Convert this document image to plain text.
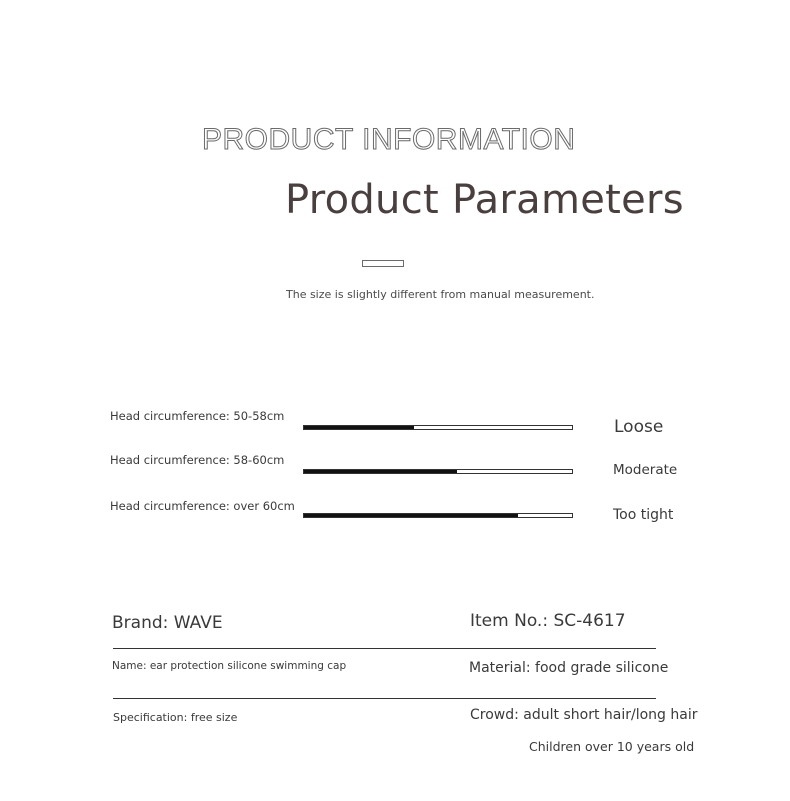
PRODUCT INFORMATION
Product Parameters
The size is slightly different from manual measurement.
Head circumference: 50-58cm
Loose
Head circumference: 58-60cm
Moderate
Head circumference: over 60cm
Too tight
Brand: WAVE	Item No.: SC-4617
Name: ear protection silicone swimming cap	Material: food grade silicone
Specification: free size	Crowd: adult short hair/long hair
Children over 10 years old
